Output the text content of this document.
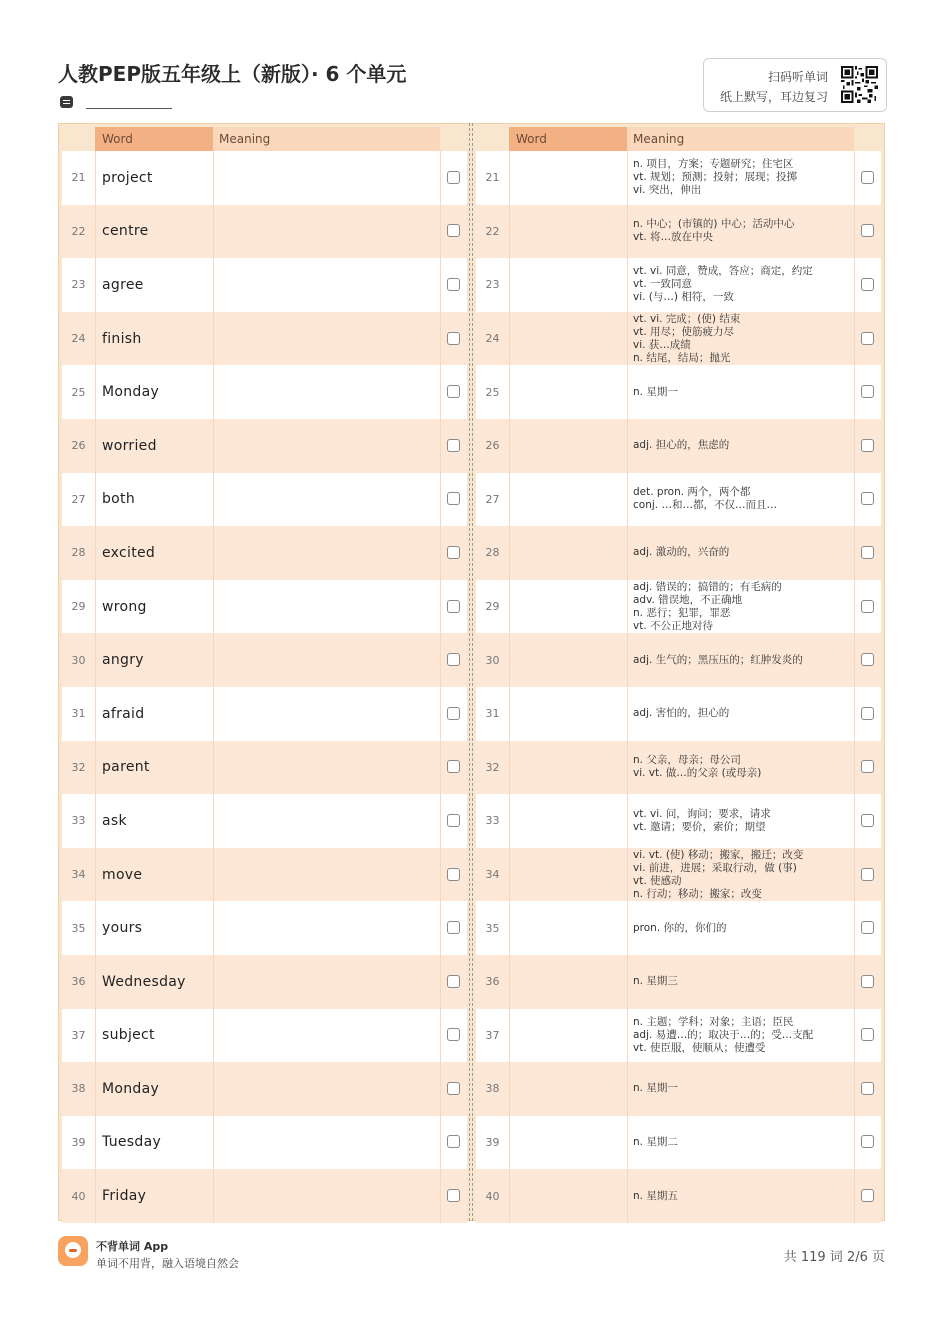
人教PEP版五年级上（新版）· 6 个单元	扫码听单词
纸上默写，耳边复习
Word	Meaning
21	project
22	centre
23	agree
24	finish
25	Monday
26	worried
27	both
28	excited
29	wrong
30	angry
31	afraid
32	parent
33	ask
34	move
35	yours
36	Wednesday
37	subject
38	Monday
39	Tuesday
40	Friday
Word	Meaning
21
n. 项目，方案；专题研究；住宅区
vt. 规划；预测；投射；展现；投掷
vi. 突出，伸出
22
n. 中心；(市镇的) 中心；活动中心
vt. 将…放在中央
23
vt. vi. 同意，赞成，答应；商定，约定
vt. 一致同意
vi. (与…) 相符，一致
24
vt. vi. 完成；(使) 结束
vt. 用尽；使筋疲力尽
vi. 获…成绩
n. 结尾，结局；抛光
25	n. 星期一
26	adj. 担心的，焦虑的
27
det. pron. 两个，两个都
conj. …和…都，不仅…而且…
28	adj. 激动的，兴奋的
29
adj. 错误的；搞错的；有毛病的
adv. 错误地，不正确地
n. 恶行；犯罪，罪恶
vt. 不公正地对待
30	adj. 生气的；黑压压的；红肿发炎的
31	adj. 害怕的，担心的
32
n. 父亲，母亲；母公司
vi. vt. 做…的父亲 (或母亲)
33
vt. vi. 问，询问；要求，请求
vt. 邀请；要价，索价；期望
34
vi. vt. (使) 移动；搬家，搬迁；改变
vi. 前进，进展；采取行动，做 (事)
vt. 使感动
n. 行动；移动；搬家；改变
35	pron. 你的，你们的
36	n. 星期三
37
n. 主题；学科；对象；主语；臣民
adj. 易遭…的；取决于…的；受…支配
vt. 使臣服，使顺从；使遭受
38	n. 星期一
39	n. 星期二
40	n. 星期五
不背单词 App
单词不用背，融入语境自然会	共 119 词 2/6 页
